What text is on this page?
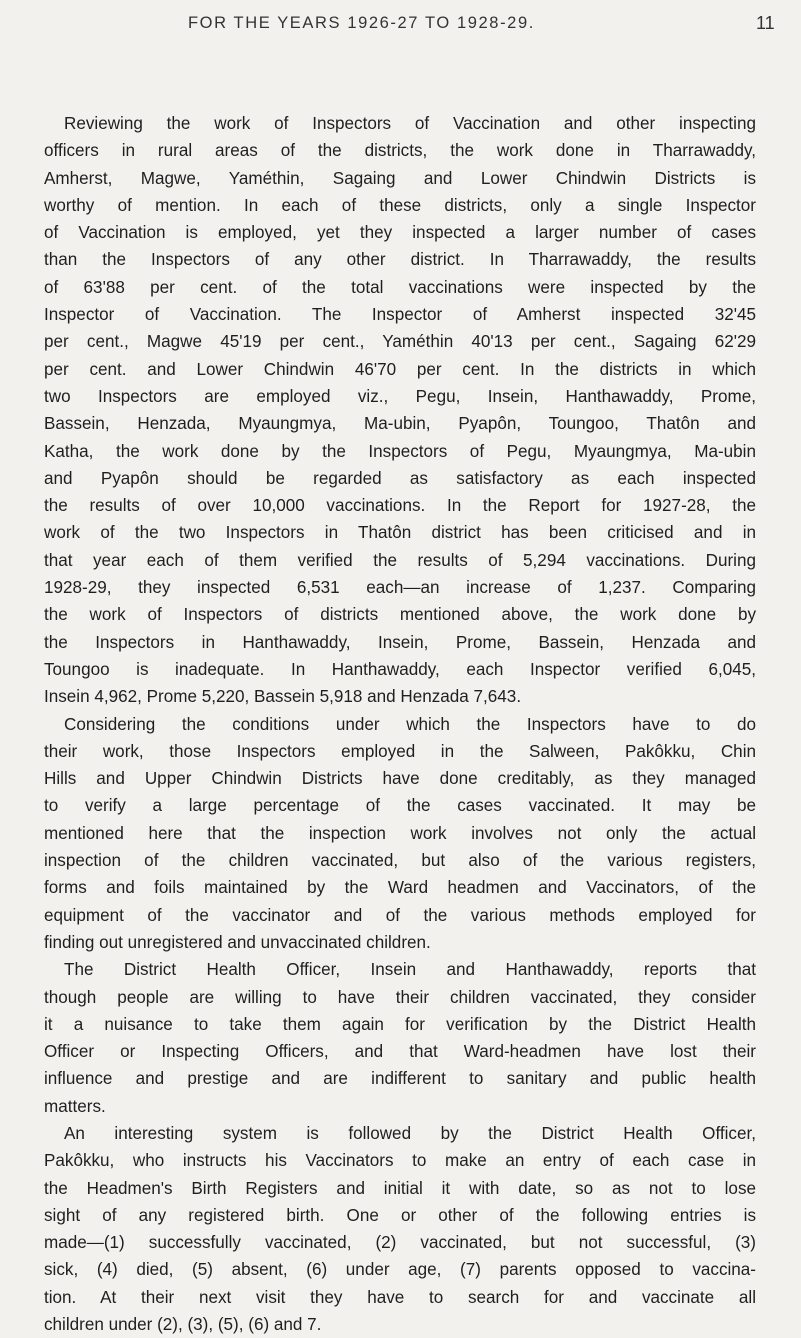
FOR THE YEARS 1926-27 TO 1928-29.	11
Reviewing the work of Inspectors of Vaccination and other inspecting
officers in rural areas of the districts, the work done in Tharrawaddy,
Amherst, Magwe, Yaméthin, Sagaing and Lower Chindwin Districts is
worthy of mention. In each of these districts, only a single Inspector
of Vaccination is employed, yet they inspected a larger number of cases
than the Inspectors of any other district. In Tharrawaddy, the results
of 63'88 per cent. of the total vaccinations were inspected by the
Inspector of Vaccination. The Inspector of Amherst inspected 32'45
per cent., Magwe 45'19 per cent., Yaméthin 40'13 per cent., Sagaing 62'29
per cent. and Lower Chindwin 46'70 per cent. In the districts in which
two Inspectors are employed viz., Pegu, Insein, Hanthawaddy, Prome,
Bassein, Henzada, Myaungmya, Ma-ubin, Pyapôn, Toungoo, Thatôn and
Katha, the work done by the Inspectors of Pegu, Myaungmya, Ma-ubin
and Pyapôn should be regarded as satisfactory as each inspected
the results of over 10,000 vaccinations. In the Report for 1927-28, the
work of the two Inspectors in Thatôn district has been criticised and in
that year each of them verified the results of 5,294 vaccinations. During
1928-29, they inspected 6,531 each—an increase of 1,237. Comparing
the work of Inspectors of districts mentioned above, the work done by
the Inspectors in Hanthawaddy, Insein, Prome, Bassein, Henzada and
Toungoo is inadequate. In Hanthawaddy, each Inspector verified 6,045,
Insein 4,962, Prome 5,220, Bassein 5,918 and Henzada 7,643.
Considering the conditions under which the Inspectors have to do
their work, those Inspectors employed in the Salween, Pakôkku, Chin
Hills and Upper Chindwin Districts have done creditably, as they managed
to verify a large percentage of the cases vaccinated. It may be
mentioned here that the inspection work involves not only the actual
inspection of the children vaccinated, but also of the various registers,
forms and foils maintained by the Ward headmen and Vaccinators, of the
equipment of the vaccinator and of the various methods employed for
finding out unregistered and unvaccinated children.
The District Health Officer, Insein and Hanthawaddy, reports that
though people are willing to have their children vaccinated, they consider
it a nuisance to take them again for verification by the District Health
Officer or Inspecting Officers, and that Ward-headmen have lost their
influence and prestige and are indifferent to sanitary and public health
matters.
An interesting system is followed by the District Health Officer,
Pakôkku, who instructs his Vaccinators to make an entry of each case in
the Headmen's Birth Registers and initial it with date, so as not to lose
sight of any registered birth. One or other of the following entries is
made—(1) successfully vaccinated, (2) vaccinated, but not successful, (3)
sick, (4) died, (5) absent, (6) under age, (7) parents opposed to vaccina-
tion. At their next visit they have to search for and vaccinate all
children under (2), (3), (5), (6) and 7.
